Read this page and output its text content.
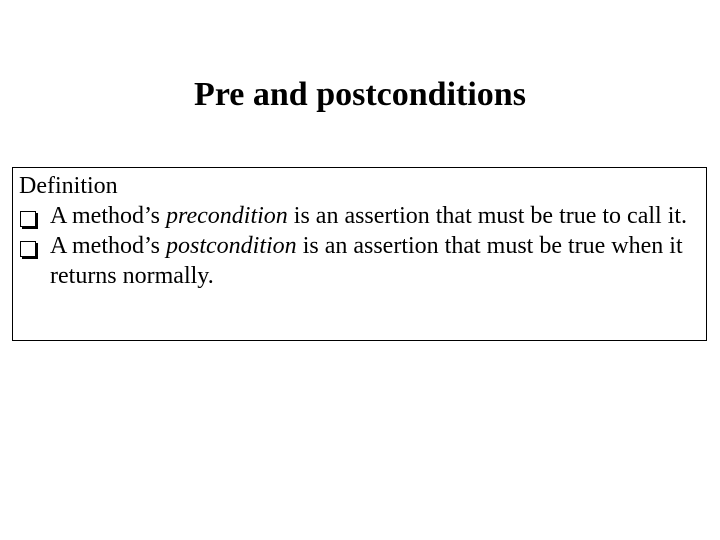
Pre and postconditions
Definition
A method’s precondition is an assertion that must be true to call it.
A method’s postcondition is an assertion that must be true when it returns normally.
